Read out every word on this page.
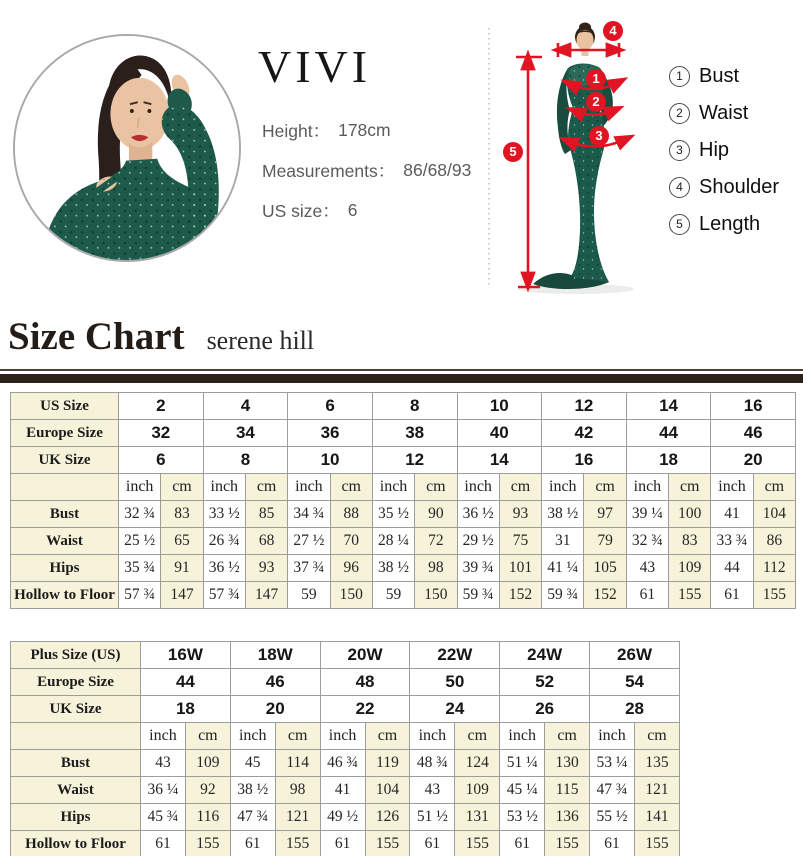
VIVI
Height： 178cm
Measurements： 86/68/93
US size： 6
1
2
3
4
5
1 Bust
2 Waist
3 Hip
4 Shoulder
5 Length
Size Chart serene hill
US Size	2		4		6		8		10		12		14		16	
Europe Size	32		34		36		38		40		42		44		46	
UK Size	6		8		10		12		14		16		18		20	
	inch	cm	inch	cm	inch	cm	inch	cm	inch	cm	inch	cm	inch	cm	inch	cm
Bust	32 ¾	83	33 ½	85	34 ¾	88	35 ½	90	36 ½	93	38 ½	97	39 ¼	100	41	104
Waist	25 ½	65	26 ¾	68	27 ½	70	28 ¼	72	29 ½	75	31	79	32 ¾	83	33 ¾	86
Hips	35 ¾	91	36 ½	93	37 ¾	96	38 ½	98	39 ¾	101	41 ¼	105	43	109	44	112
Hollow to Floor	57 ¾	147	57 ¾	147	59	150	59	150	59 ¾	152	59 ¾	152	61	155	61	155
Plus Size (US)	16W		18W		20W		22W		24W		26W	
Europe Size	44		46		48		50		52		54	
UK Size	18		20		22		24		26		28	
	inch	cm	inch	cm	inch	cm	inch	cm	inch	cm	inch	cm
Bust	43	109	45	114	46 ¾	119	48 ¾	124	51 ¼	130	53 ¼	135
Waist	36 ¼	92	38 ½	98	41	104	43	109	45 ¼	115	47 ¾	121
Hips	45 ¾	116	47 ¾	121	49 ½	126	51 ½	131	53 ½	136	55 ½	141
Hollow to Floor	61	155	61	155	61	155	61	155	61	155	61	155
